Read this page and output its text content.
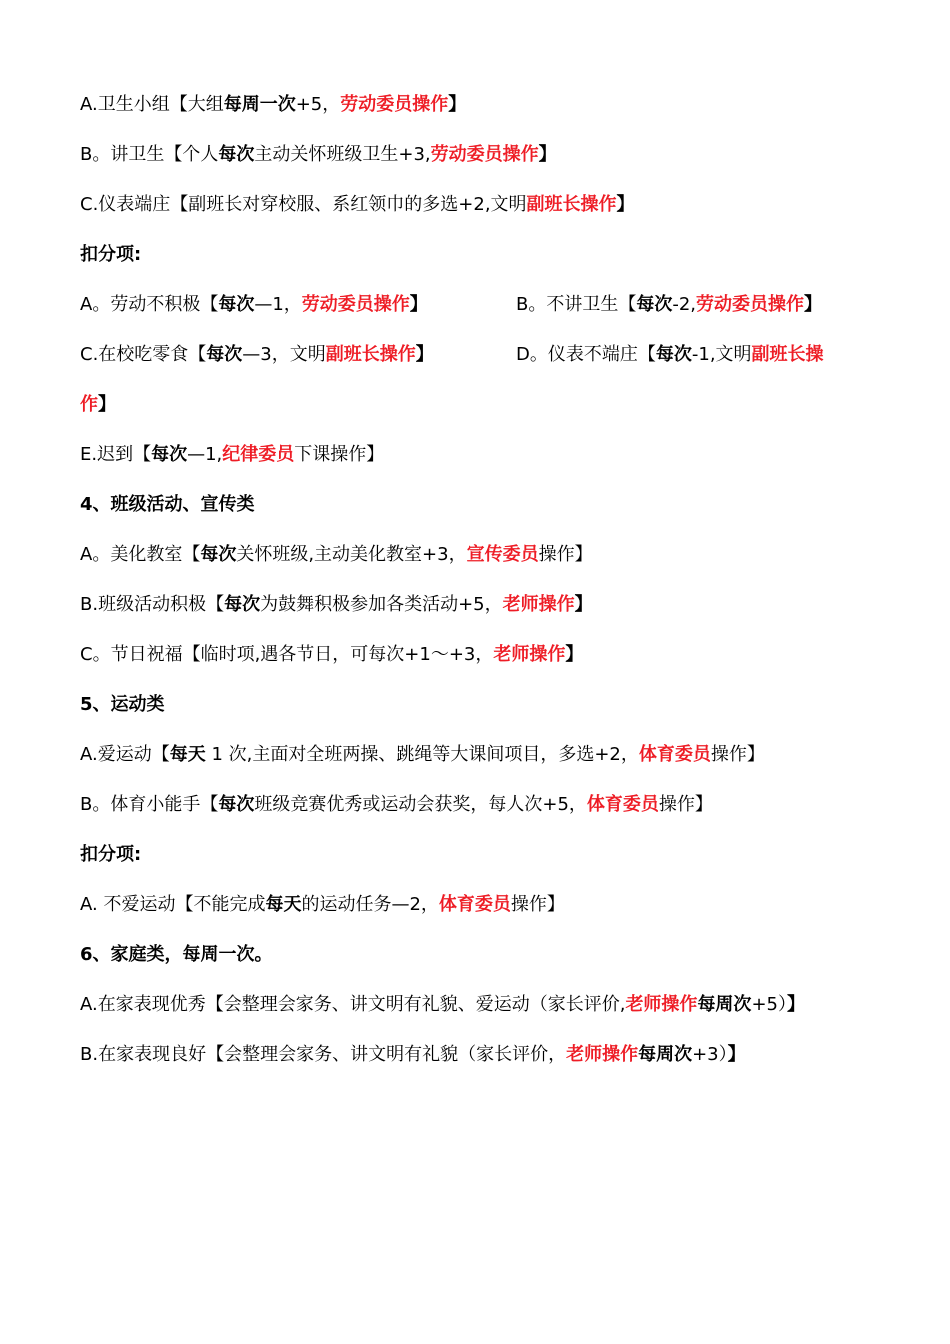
A.卫生小组【大组每周一次+5，劳动委员操作】
B。讲卫生【个人每次主动关怀班级卫生+3,劳动委员操作】
C.仪表端庄【副班长对穿校服、系红领巾的多选+2,文明副班长操作】
扣分项:
A。劳动不积极【每次—1，劳动委员操作】	B。不讲卫生【每次-2,劳动委员操作】
C.在校吃零食【每次—3，文明副班长操作】	D。仪表不端庄【每次-1,文明副班长操
作】
E.迟到【每次—1,纪律委员下课操作】
4、班级活动、宣传类
A。美化教室【每次关怀班级,主动美化教室+3，宣传委员操作】
B.班级活动积极【每次为鼓舞积极参加各类活动+5，老师操作】
C。节日祝福【临时项,遇各节日，可每次+1～+3，老师操作】
5、运动类
A.爱运动【每天 1 次,主面对全班两操、跳绳等大课间项目，多选+2，体育委员操作】
B。体育小能手【每次班级竞赛优秀或运动会获奖，每人次+5，体育委员操作】
扣分项:
A. 不爱运动【不能完成每天的运动任务—2，体育委员操作】
6、家庭类，每周一次。
A.在家表现优秀【会整理会家务、讲文明有礼貌、爱运动（家长评价,老师操作每周次+5）】
B.在家表现良好【会整理会家务、讲文明有礼貌（家长评价，老师操作每周次+3）】
